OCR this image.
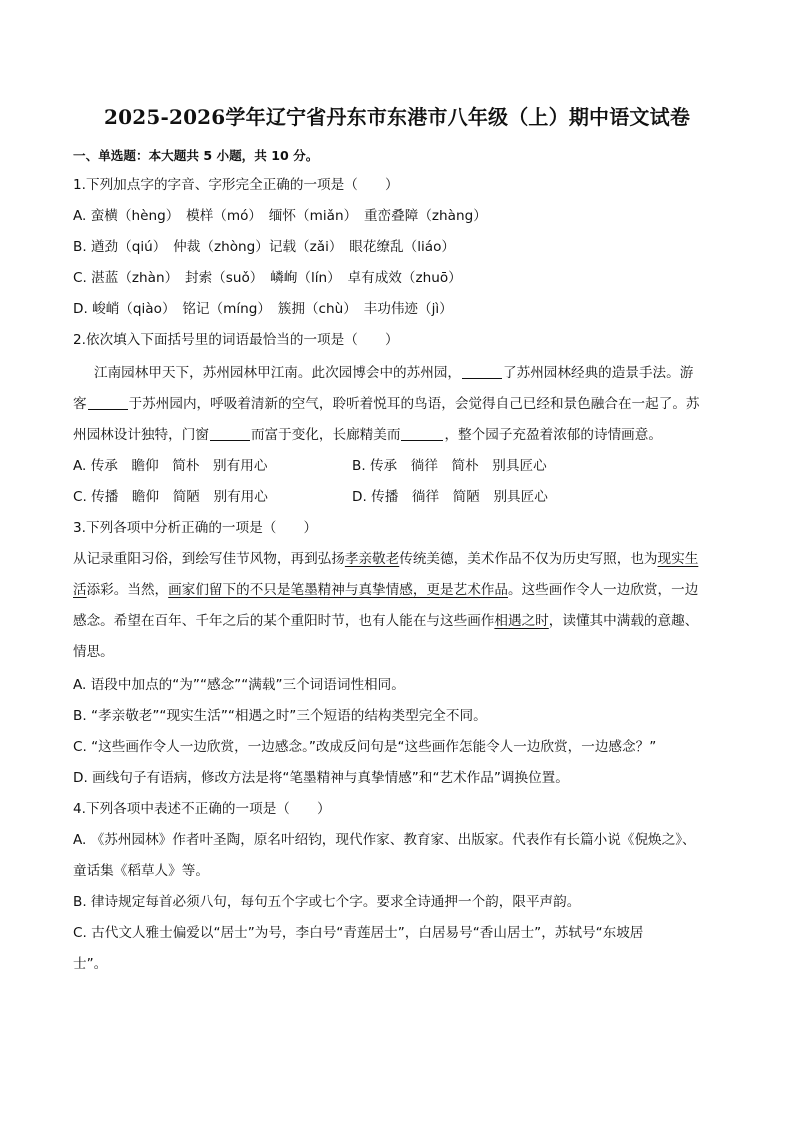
2025-2026学年辽宁省丹东市东港市八年级（上）期中语文试卷
一、单选题：本大题共 5 小题，共 10 分。
1.下列加点字的字音、字形完全正确的一项是（　　）
A. 蛮横（hèng）　模样（mó）　缅怀（miǎn）　重峦叠障（zhàng）
B. 遒劲（qiú）　仲裁（zhòng）记载（zǎi）　眼花缭乱（liáo）
C. 湛蓝（zhàn）　封索（suǒ）　嶙峋（lín）　卓有成效（zhuō）
D. 峻峭（qiào）　铭记（míng）　簇拥（chù）　丰功伟迹（jì）
2.依次填入下面括号里的词语最恰当的一项是（　　）
江南园林甲天下，苏州园林甲江南。此次园博会中的苏州园，	了苏州园林经典的造景手法。游
客	于苏州园内，呼吸着清新的空气，聆听着悦耳的鸟语，会觉得自己已经和景色融合在一起了。苏
州园林设计独特，门窗	而富于变化，长廊精美而	，整个园子充盈着浓郁的诗情画意。
A. 传承　瞻仰　简朴　别有用心	B. 传承　徜徉　简朴　别具匠心
C. 传播　瞻仰　简陋　别有用心	D. 传播　徜徉　简陋　别具匠心
3.下列各项中分析正确的一项是（　　）
从记录重阳习俗，到绘写佳节风物，再到弘扬孝亲敬老传统美德，美术作品不仅为历史写照，也为现实生
活添彩。当然，画家们留下的不只是笔墨精神与真挚情感，更是艺术作品。这些画作令人一边欣赏，一边
感念。希望在百年、千年之后的某个重阳时节，也有人能在与这些画作相遇之时，读懂其中满载的意趣、
情思。
A. 语段中加点的“为”“感念”“满载”三个词语词性相同。
B. “孝亲敬老”“现实生活”“相遇之时”三个短语的结构类型完全不同。
C. “这些画作令人一边欣赏，一边感念。”改成反问句是“这些画作怎能令人一边欣赏，一边感念？”
D. 画线句子有语病，修改方法是将“笔墨精神与真挚情感”和“艺术作品”调换位置。
4.下列各项中表述不正确的一项是（　　）
A. 《苏州园林》作者叶圣陶，原名叶绍钧，现代作家、教育家、出版家。代表作有长篇小说《倪焕之》、
童话集《稻草人》等。
B. 律诗规定每首必须八句，每句五个字或七个字。要求全诗通押一个韵，限平声韵。
C. 古代文人雅士偏爱以“居士”为号，李白号“青莲居士”，白居易号“香山居士”，苏轼号“东坡居
士”。
